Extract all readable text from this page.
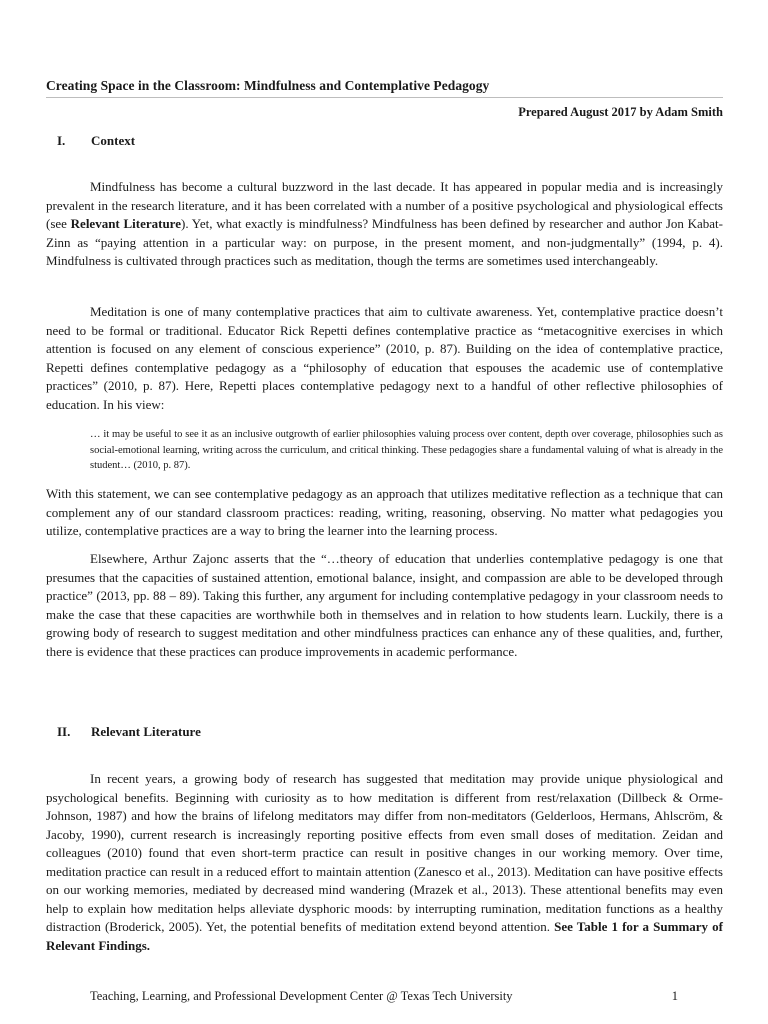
Creating Space in the Classroom: Mindfulness and Contemplative Pedagogy
Prepared August 2017 by Adam Smith
I. Context

Mindfulness has become a cultural buzzword in the last decade. It has appeared in popular media and is increasingly prevalent in the research literature, and it has been correlated with a number of a positive psychological and physiological effects (see Relevant Literature). Yet, what exactly is mindfulness? Mindfulness has been defined by researcher and author Jon Kabat-Zinn as “paying attention in a particular way: on purpose, in the present moment, and non-judgmentally” (1994, p. 4). Mindfulness is cultivated through practices such as meditation, though the terms are sometimes used interchangeably.

Meditation is one of many contemplative practices that aim to cultivate awareness. Yet, contemplative practice doesn’t need to be formal or traditional. Educator Rick Repetti defines contemplative practice as “metacognitive exercises in which attention is focused on any element of conscious experience” (2010, p. 87). Building on the idea of contemplative practice, Repetti defines contemplative pedagogy as a “philosophy of education that espouses the academic use of contemplative practices” (2010, p. 87). Here, Repetti places contemplative pedagogy next to a handful of other reflective philosophies of education. In his view:

… it may be useful to see it as an inclusive outgrowth of earlier philosophies valuing process over content, depth over coverage, philosophies such as social-emotional learning, writing across the curriculum, and critical thinking. These pedagogies share a fundamental valuing of what is already in the student… (2010, p. 87).

With this statement, we can see contemplative pedagogy as an approach that utilizes meditative reflection as a technique that can complement any of our standard classroom practices: reading, writing, reasoning, observing. No matter what pedagogies you utilize, contemplative practices are a way to bring the learner into the learning process.

Elsewhere, Arthur Zajonc asserts that the “…theory of education that underlies contemplative pedagogy is one that presumes that the capacities of sustained attention, emotional balance, insight, and compassion are able to be developed through practice” (2013, pp. 88 – 89). Taking this further, any argument for including contemplative pedagogy in your classroom needs to make the case that these capacities are worthwhile both in themselves and in relation to how students learn. Luckily, there is a growing body of research to suggest meditation and other mindfulness practices can enhance any of these qualities, and, further, there is evidence that these practices can produce improvements in academic performance.

II. Relevant Literature

In recent years, a growing body of research has suggested that meditation may provide unique physiological and psychological benefits. Beginning with curiosity as to how meditation is different from rest/relaxation (Dillbeck & Orme-Johnson, 1987) and how the brains of lifelong meditators may differ from non-meditators (Gelderloos, Hermans, Ahlscröm, & Jacoby, 1990), current research is increasingly reporting positive effects from even small doses of meditation. Zeidan and colleagues (2010) found that even short-term practice can result in positive changes in our working memory. Over time, meditation practice can result in a reduced effort to maintain attention (Zanesco et al., 2013). Meditation can have positive effects on our working memories, mediated by decreased mind wandering (Mrazek et al., 2013). These attentional benefits may even help to explain how meditation helps alleviate dysphoric moods: by interrupting rumination, meditation functions as a healthy distraction (Broderick, 2005). Yet, the potential benefits of meditation extend beyond attention. See Table 1 for a Summary of Relevant Findings.

Teaching, Learning, and Professional Development Center @ Texas Tech University	1
